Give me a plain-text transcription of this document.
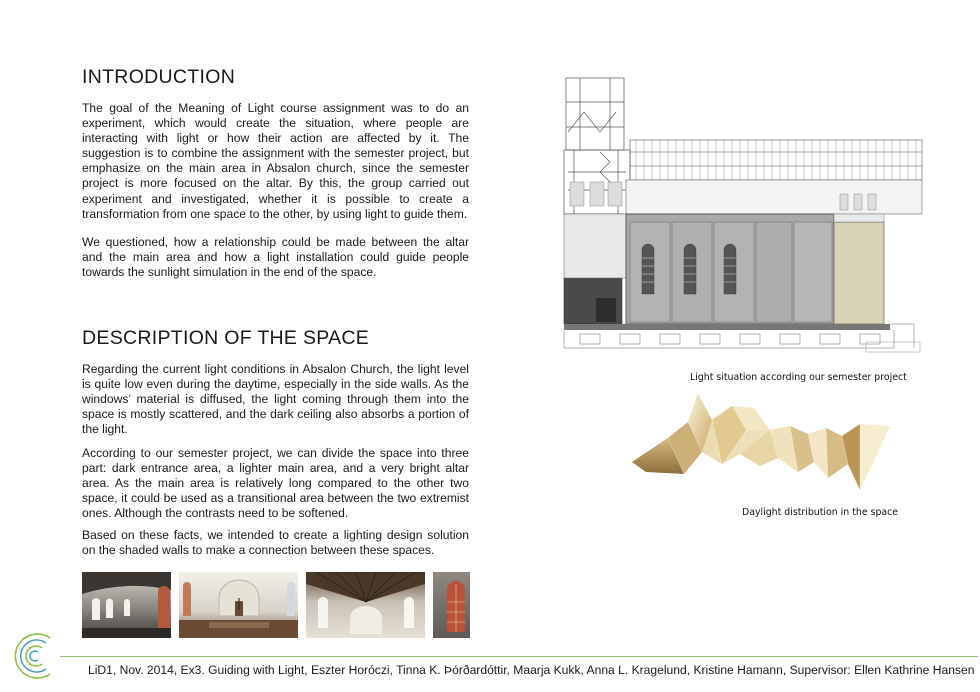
INTRODUCTION

The goal of the Meaning of Light course assignment was to do an experiment, which would create the situation, where people are interacting with light or how their action are affected by it. The suggestion is to combine the assignment with the semester project, but emphasize on the main area in Absalon church, since the semester project is more focused on the altar. By this, the group carried out experiment and investigated, whether it is possible to create a transformation from one space to the other, by using light to guide them.

We questioned, how a relationship could be made between the altar and the main area and how a light installation could guide people towards the sunlight simulation in the end of the space.

DESCRIPTION OF THE SPACE

Regarding the current light conditions in Absalon Church, the light level is quite low even during the daytime, especially in the side walls. As the windows’ material is diffused, the light coming through them into the space is mostly scattered, and the dark ceiling also absorbs a portion of the light.

According to our semester project, we can divide the space into three part: dark entrance area, a lighter main area, and a very bright altar area. As the main area is relatively long compared to the other two space, it could be used as a transitional area between the two extremist ones. Although the contrasts need to be softened.

Based on these facts, we intended to create a lighting design solution on the shaded walls to make a connection between these spaces.

Light situation according our semester project
Daylight distribution in the space
LiD1, Nov. 2014, Ex3. Guiding with Light, Eszter Horóczi, Tinna K. Þórðardóttir, Maarja Kukk, Anna L. Kragelund, Kristine Hamann, Supervisor: Ellen Kathrine Hansen
